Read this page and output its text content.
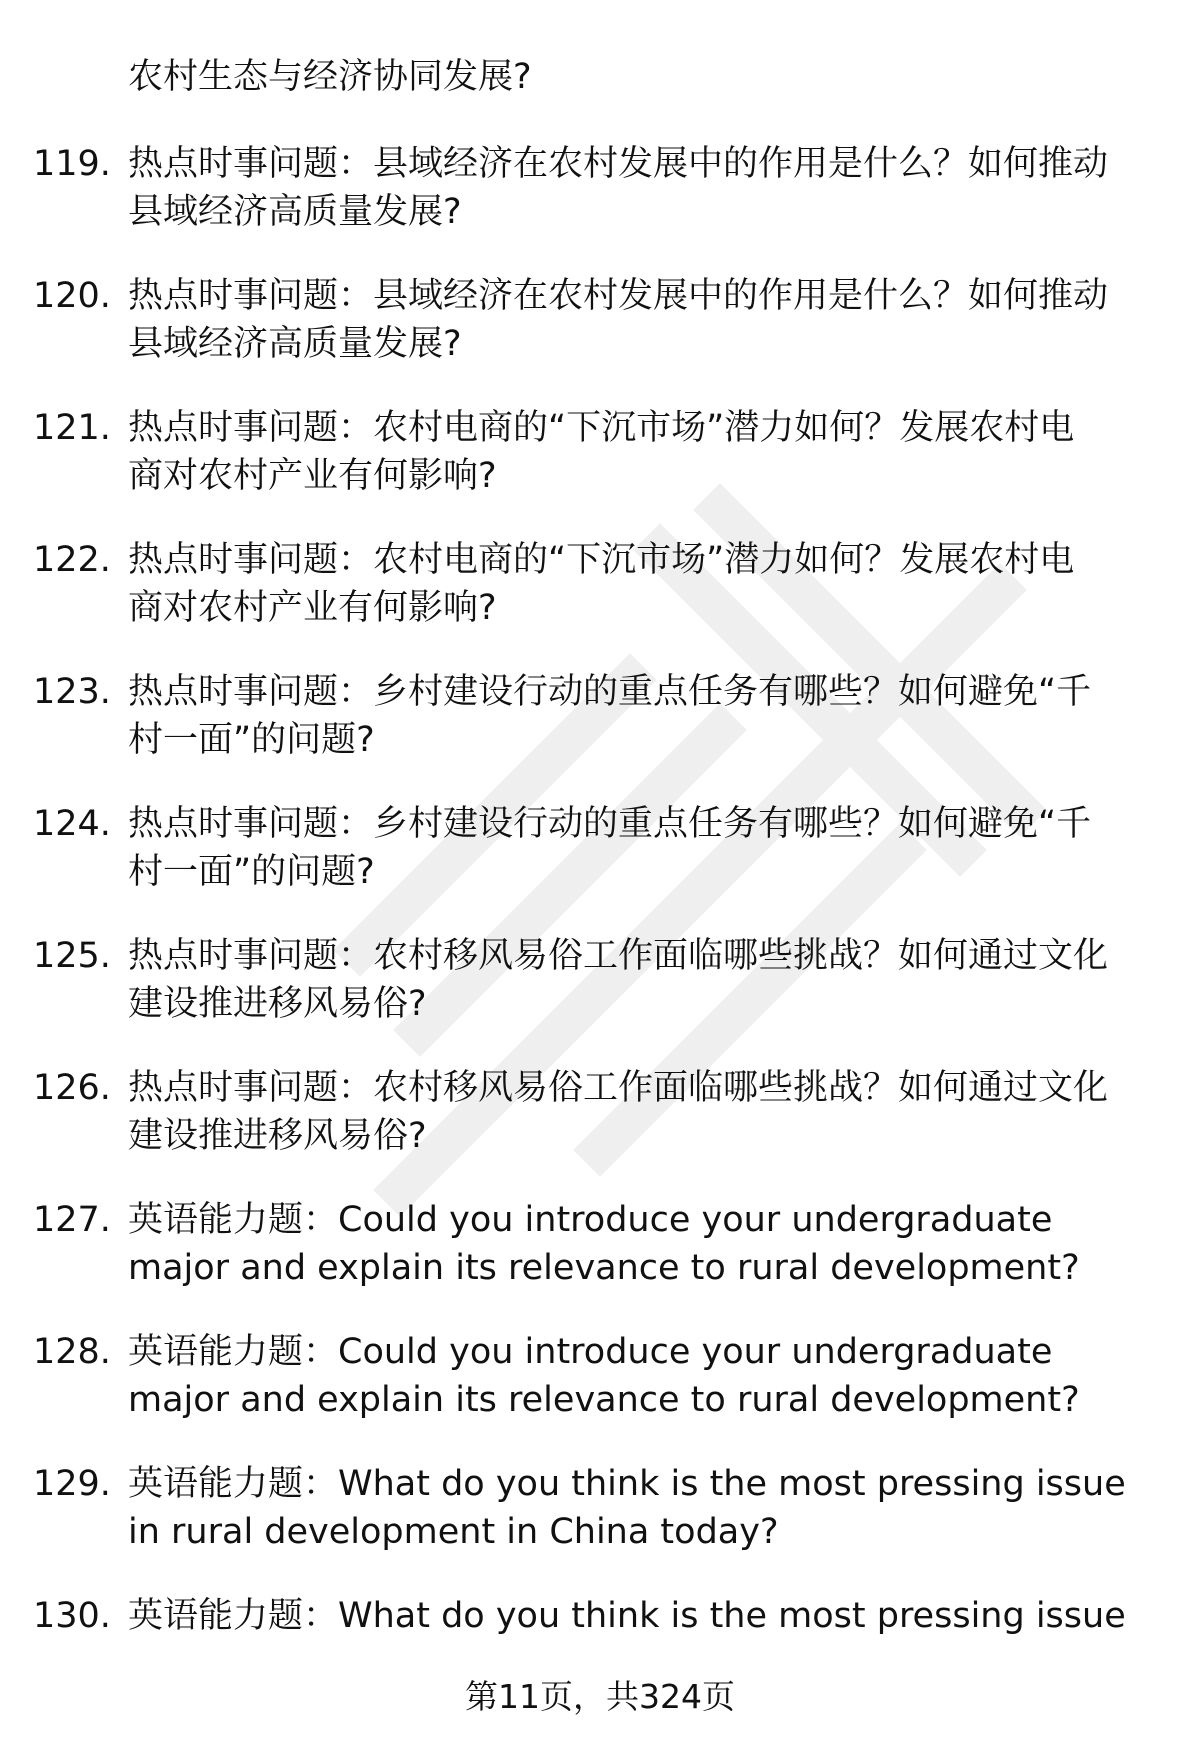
农村生态与经济协同发展?
119. 热点时事问题：县域经济在农村发展中的作用是什么？如何推动
县域经济高质量发展?
120. 热点时事问题：县域经济在农村发展中的作用是什么？如何推动
县域经济高质量发展?
121. 热点时事问题：农村电商的“下沉市场”潜力如何？发展农村电
商对农村产业有何影响?
122. 热点时事问题：农村电商的“下沉市场”潜力如何？发展农村电
商对农村产业有何影响?
123. 热点时事问题：乡村建设行动的重点任务有哪些？如何避免“千
村一面”的问题?
124. 热点时事问题：乡村建设行动的重点任务有哪些？如何避免“千
村一面”的问题?
125. 热点时事问题：农村移风易俗工作面临哪些挑战？如何通过文化
建设推进移风易俗?
126. 热点时事问题：农村移风易俗工作面临哪些挑战？如何通过文化
建设推进移风易俗?
127. 英语能力题：Could you introduce your undergraduate
major and explain its relevance to rural development?
128. 英语能力题：Could you introduce your undergraduate
major and explain its relevance to rural development?
129. 英语能力题：What do you think is the most pressing issue
in rural development in China today?
130. 英语能力题：What do you think is the most pressing issue
第11页，共324页
